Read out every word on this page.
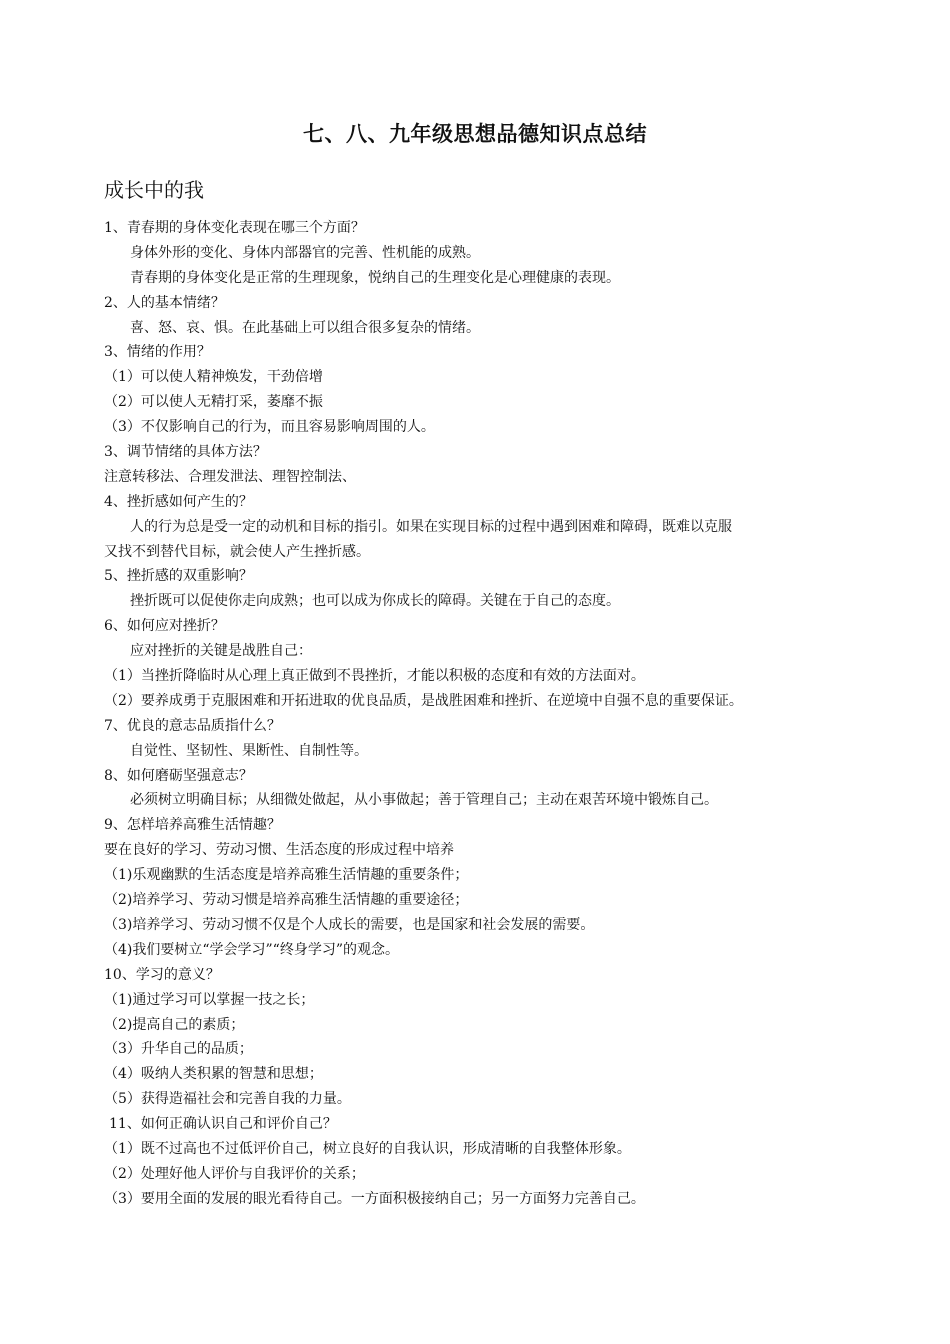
七、八、九年级思想品德知识点总结
成长中的我
1、青春期的身体变化表现在哪三个方面？
身体外形的变化、身体内部器官的完善、性机能的成熟。
青春期的身体变化是正常的生理现象，悦纳自己的生理变化是心理健康的表现。
2、人的基本情绪？
喜、怒、哀、惧。在此基础上可以组合很多复杂的情绪。
3、情绪的作用？
（1）可以使人精神焕发，干劲倍增
（2）可以使人无精打采，萎靡不振
（3）不仅影响自己的行为，而且容易影响周围的人。
3、调节情绪的具体方法？
注意转移法、合理发泄法、理智控制法、
4、挫折感如何产生的？
人的行为总是受一定的动机和目标的指引。如果在实现目标的过程中遇到困难和障碍，既难以克服
又找不到替代目标，就会使人产生挫折感。
5、挫折感的双重影响？
挫折既可以促使你走向成熟；也可以成为你成长的障碍。关键在于自己的态度。
6、如何应对挫折？
应对挫折的关键是战胜自己：
（1）当挫折降临时从心理上真正做到不畏挫折，才能以积极的态度和有效的方法面对。
（2）要养成勇于克服困难和开拓进取的优良品质，是战胜困难和挫折、在逆境中自强不息的重要保证。
7、优良的意志品质指什么？
自觉性、坚韧性、果断性、自制性等。
8、如何磨砺坚强意志？
必须树立明确目标；从细微处做起，从小事做起；善于管理自己；主动在艰苦环境中锻炼自己。
9、怎样培养高雅生活情趣？
要在良好的学习、劳动习惯、生活态度的形成过程中培养
（1)乐观幽默的生活态度是培养高雅生活情趣的重要条件；
（2)培养学习、劳动习惯是培养高雅生活情趣的重要途径；
（3)培养学习、劳动习惯不仅是个人成长的需要，也是国家和社会发展的需要。
（4)我们要树立“学会学习”“终身学习”的观念。
10、学习的意义？
（1)通过学习可以掌握一技之长；
（2)提高自己的素质；
（3）升华自己的品质；
（4）吸纳人类积累的智慧和思想；
（5）获得造福社会和完善自我的力量。
11、如何正确认识自己和评价自己？
（1）既不过高也不过低评价自己，树立良好的自我认识，形成清晰的自我整体形象。
（2）处理好他人评价与自我评价的关系；
（3）要用全面的发展的眼光看待自己。一方面积极接纳自己；另一方面努力完善自己。
